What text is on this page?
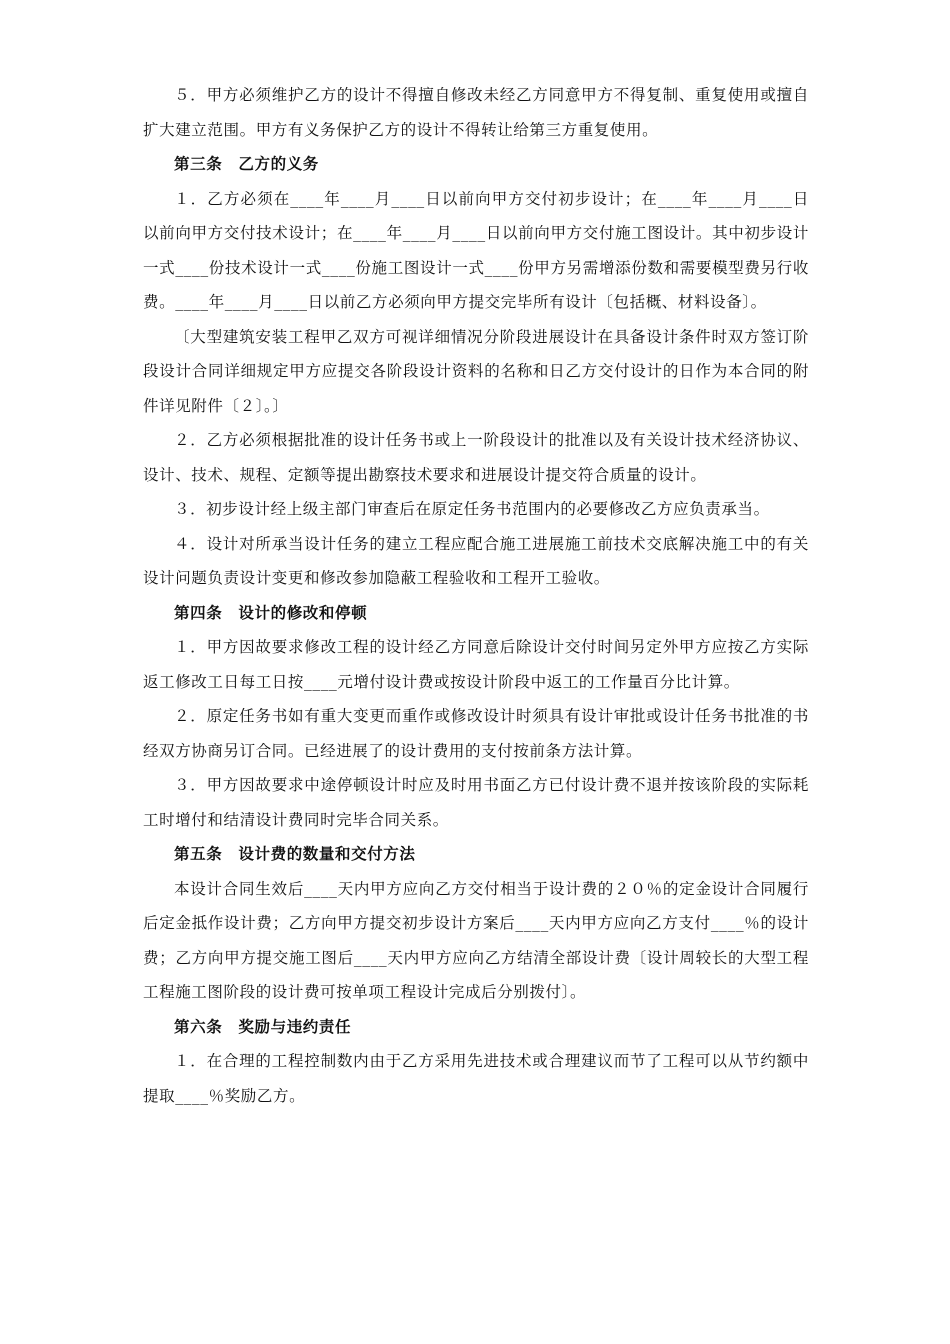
５．甲方必须维护乙方的设计不得擅自修改未经乙方同意甲方不得复制、重复使用或擅自扩大建立范围。甲方有义务保护乙方的设计不得转让给第三方重复使用。

第三条　乙方的义务

１．乙方必须在____年____月____日以前向甲方交付初步设计；在____年____月____日以前向甲方交付技术设计；在____年____月____日以前向甲方交付施工图设计。其中初步设计一式____份技术设计一式____份施工图设计一式____份甲方另需增添份数和需要模型费另行收费。____年____月____日以前乙方必须向甲方提交完毕所有设计〔包括概、材料设备〕。

〔大型建筑安装工程甲乙双方可视详细情况分阶段进展设计在具备设计条件时双方签订阶段设计合同详细规定甲方应提交各阶段设计资料的名称和日乙方交付设计的日作为本合同的附件详见附件〔２〕。〕

２．乙方必须根据批准的设计任务书或上一阶段设计的批准以及有关设计技术经济协议、设计、技术、规程、定额等提出勘察技术要求和进展设计提交符合质量的设计。

３．初步设计经上级主部门审查后在原定任务书范围内的必要修改乙方应负责承当。

４．设计对所承当设计任务的建立工程应配合施工进展施工前技术交底解决施工中的有关设计问题负责设计变更和修改参加隐蔽工程验收和工程开工验收。

第四条　设计的修改和停顿

１．甲方因故要求修改工程的设计经乙方同意后除设计交付时间另定外甲方应按乙方实际返工修改工日每工日按____元增付设计费或按设计阶段中返工的工作量百分比计算。

２．原定任务书如有重大变更而重作或修改设计时须具有设计审批或设计任务书批准的书经双方协商另订合同。已经进展了的设计费用的支付按前条方法计算。

３．甲方因故要求中途停顿设计时应及时用书面乙方已付设计费不退并按该阶段的实际耗工时增付和结清设计费同时完毕合同关系。

第五条　设计费的数量和交付方法

本设计合同生效后____天内甲方应向乙方交付相当于设计费的２０％的定金设计合同履行后定金抵作设计费；乙方向甲方提交初步设计方案后____天内甲方应向乙方支付____％的设计费；乙方向甲方提交施工图后____天内甲方应向乙方结清全部设计费〔设计周较长的大型工程工程施工图阶段的设计费可按单项工程设计完成后分别拨付〕。

第六条　奖励与违约责任

１．在合理的工程控制数内由于乙方采用先进技术或合理建议而节了工程可以从节约额中提取____％奖励乙方。
